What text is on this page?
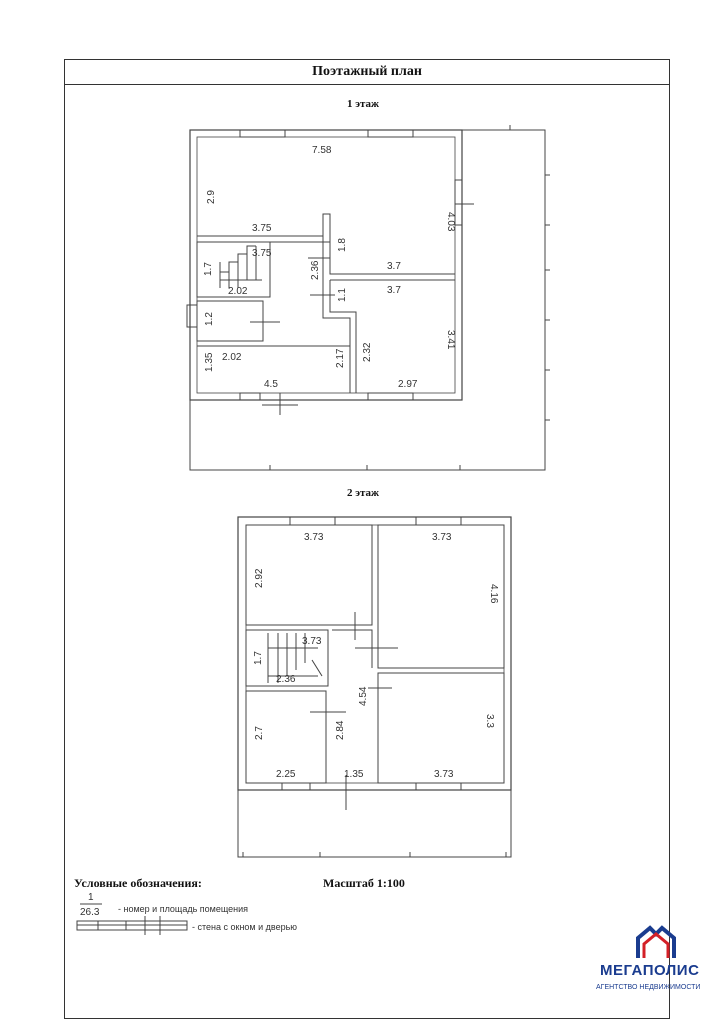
Поэтажный план
1 этаж
2 этаж
7.58
2.9
4.03
3.75
3.75
1.8
1.7	2.36	3.7
2.02	1.1	3.7
1.2
3.41
2.32
1.35 2.02	2.17
4.5	2.97
3.73	3.73
2.92
4.16
1.7
3.73
2.36
4.54
2.7	2.84	3.3
2.25	1.35	3.73
1
26.3
Условные обозначения:	Масштаб 1:100
- номер и площадь помещения
- стена с окном и дверью
МЕГАПОЛИС
АГЕНТСТВО НЕДВИЖИМОСТИ
